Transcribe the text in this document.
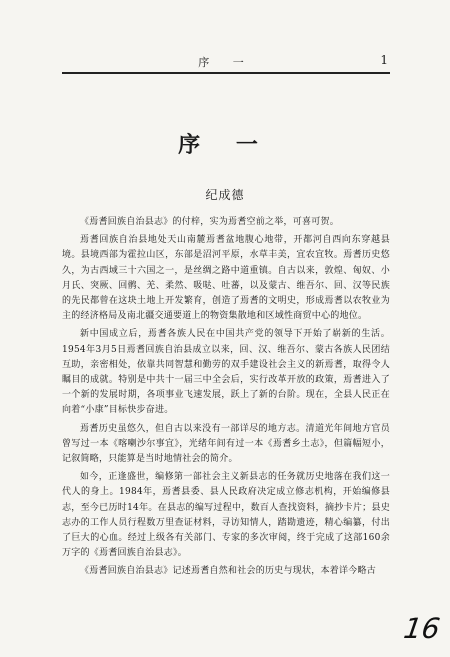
序 一	1
序 一
纪成德

《焉耆回族自治县志》的付梓，实为焉耆空前之举，可喜可贺。

焉耆回族自治县地处天山南麓焉耆盆地腹心地带，开都河自西向东穿越县境。县境西部为霍拉山区，东部是沼河平原，水草丰美，宜农宜牧。焉耆历史悠久，为古西域三十六国之一，是丝绸之路中道重镇。自古以来，敦煌、匈奴、小月氏、突厥、回鹘、羌、柔然、吸哒、吐蕃，以及蒙古、维吾尔、回、汉等民族的先民都曾在这块土地上开发繁育，创造了焉耆的文明史，形成焉耆以农牧业为主的经济格局及南北疆交通要道上的物资集散地和区域性商贸中心的地位。

新中国成立后，焉耆各族人民在中国共产党的领导下开始了崭新的生活。1954年3月5日焉耆回族自治县成立以来，回、汉、维吾尔、蒙古各族人民团结互助，亲密相处，依靠共同智慧和勤劳的双手建设社会主义的新焉耆，取得令人瞩目的成就。特别是中共十一届三中全会后，实行改革开放的政策，焉耆进入了一个新的发展时期，各项事业飞速发展，跃上了新的台阶。现在，全县人民正在向着“小康”目标快步奋进。

焉耆历史虽悠久，但自古以来没有一部详尽的地方志。清道光年间地方官员曾写过一本《喀喇沙尔事宜》，光绪年间有过一本《焉耆乡土志》，但篇幅短小，记叙简略，只能算是当时地情社会的简介。

如今，正逢盛世，编修第一部社会主义新县志的任务就历史地落在我们这一代人的身上。1984年，焉耆县委、县人民政府决定成立修志机构，开始编修县志，至今已历时14年。在县志的编写过程中，数百人查找资料，摘抄卡片；县史志办的工作人员行程数万里查证材料，寻访知情人，踏勘遗迹，精心编纂，付出了巨大的心血。经过上级各有关部门、专家的多次审阅，终于完成了这部160余万字的《焉耆回族自治县志》。

《焉耆回族自治县志》记述焉耆自然和社会的历史与现状，本着详今略古

16
